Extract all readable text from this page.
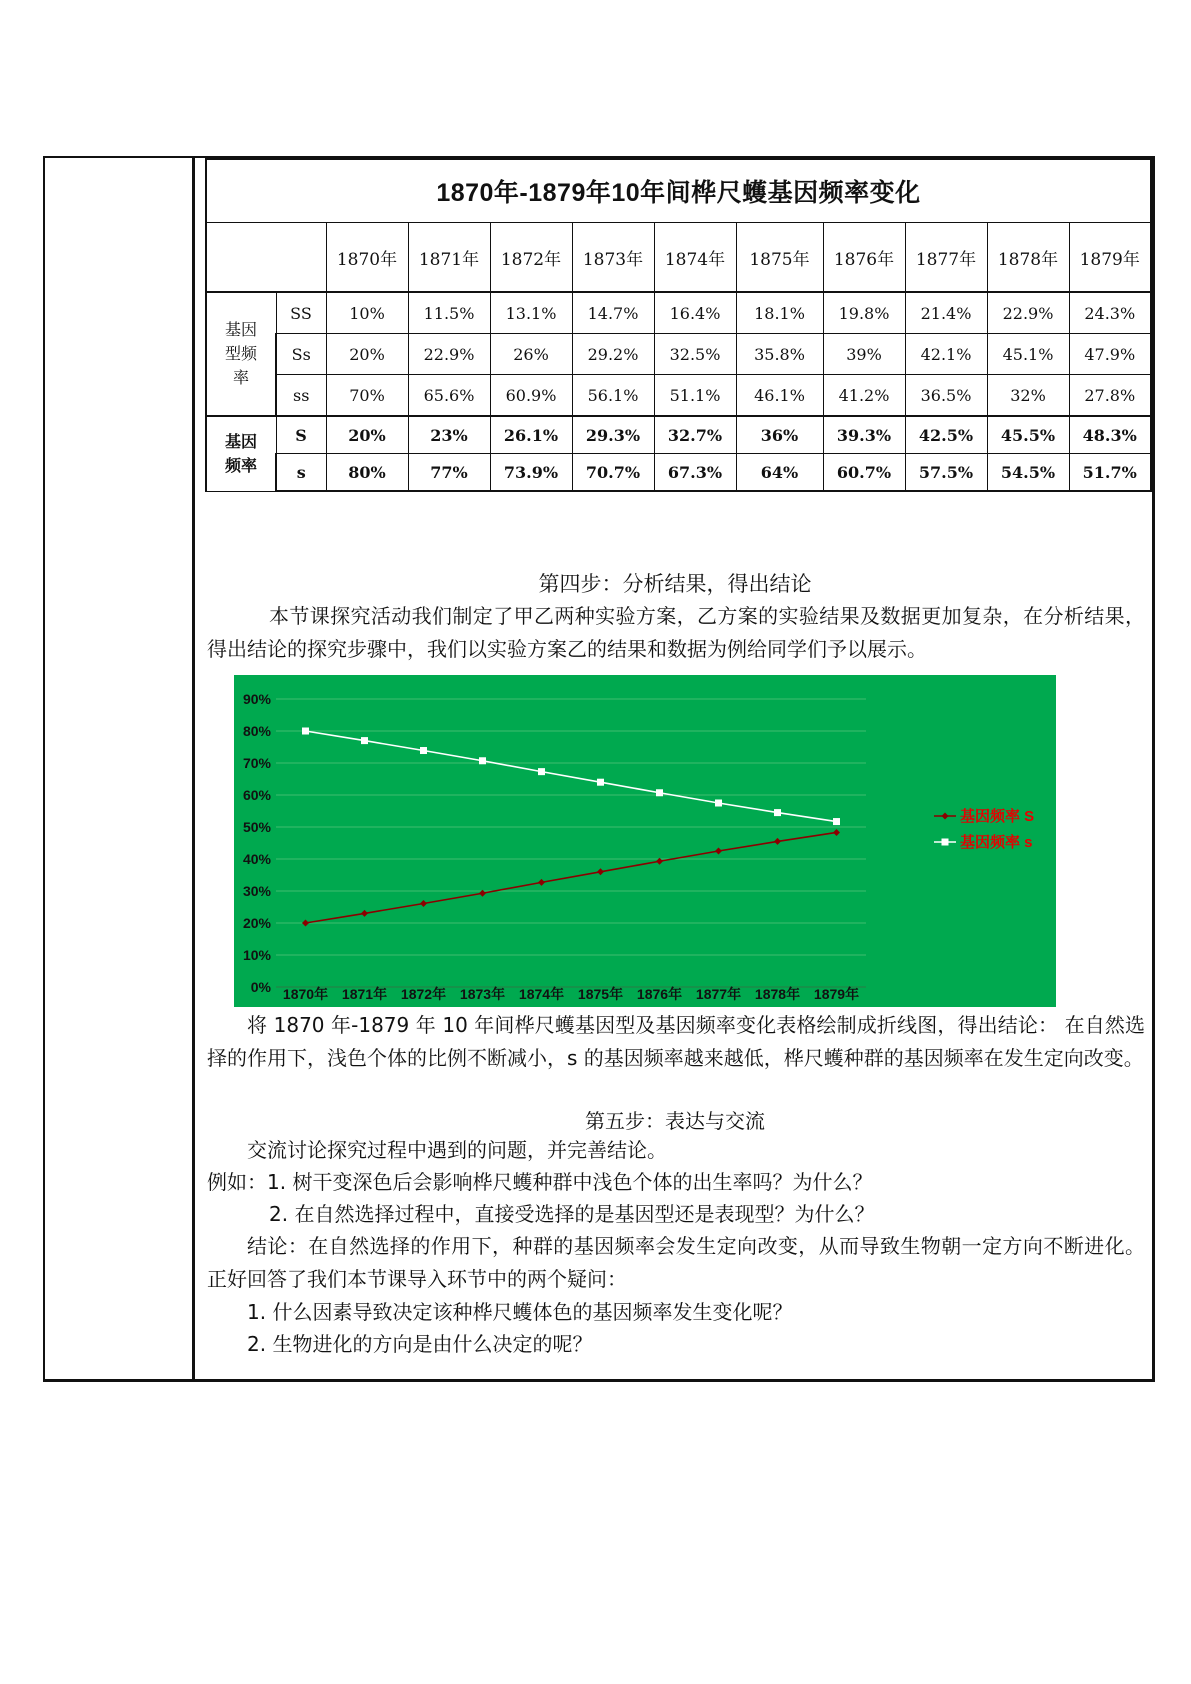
1870年-1879年10年间桦尺蠖基因频率变化											
		1870年	1871年	1872年	1873年	1874年	1875年	1876年	1877年	1878年	1879年

基因型频率	SS	10%	11.5%	13.1%	14.7%	16.4%	18.1%	19.8%	21.4%	22.9%	24.3%
	Ss	20%	22.9%	26%	29.2%	32.5%	35.8%	39%	42.1%	45.1%	47.9%
	ss	70%	65.6%	60.9%	56.1%	51.1%	46.1%	41.2%	36.5%	32%	27.8%

基因频率	S	20%	23%	26.1%	29.3%	32.7%	36%	39.3%	42.5%	45.5%	48.3%
	s	80%	77%	73.9%	70.7%	67.3%	64%	60.7%	57.5%	54.5%	51.7%
第四步：分析结果，得出结论
本节课探究活动我们制定了甲乙两种实验方案，乙方案的实验结果及数据更加复杂，在分析结果，得出结论的探究步骤中，我们以实验方案乙的结果和数据为例给同学们予以展示。
0%
10%
20%
30%
40%
50%
60%
70%
80%
90%
1870年 1871年 1872年 1873年 1874年 1875年 1876年 1877年 1878年 1879年
基因频率 S
基因频率 s
将 1870 年-1879 年 10 年间桦尺蠖基因型及基因频率变化表格绘制成折线图，得出结论： 在自然选择的作用下，浅色个体的比例不断减小，s 的基因频率越来越低，桦尺蠖种群的基因频率在发生定向改变。
第五步：表达与交流
交流讨论探究过程中遇到的问题，并完善结论。
例如：1. 树干变深色后会影响桦尺蠖种群中浅色个体的出生率吗？为什么？
2. 在自然选择过程中，直接受选择的是基因型还是表现型？为什么？
结论：在自然选择的作用下，种群的基因频率会发生定向改变，从而导致生物朝一定方向不断进化。正好回答了我们本节课导入环节中的两个疑问：
1. 什么因素导致决定该种桦尺蠖体色的基因频率发生变化呢？
2. 生物进化的方向是由什么决定的呢？
